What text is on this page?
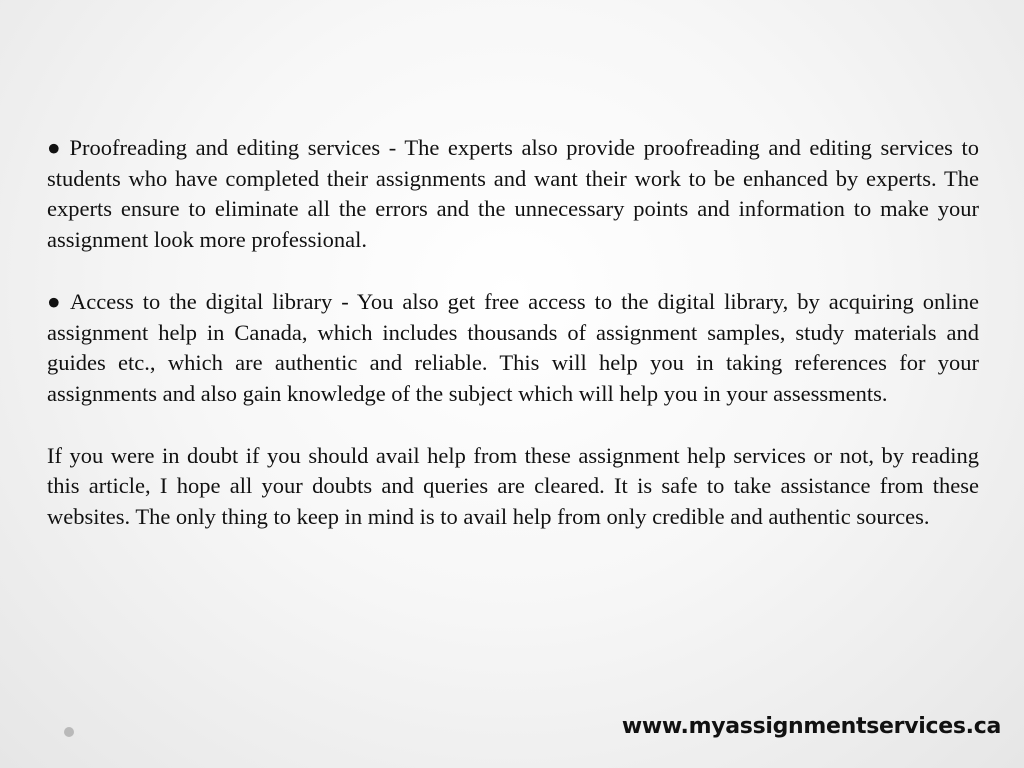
● Proofreading and editing services - The experts also provide proofreading and editing services to students who have completed their assignments and want their work to be enhanced by experts. The experts ensure to eliminate all the errors and the unnecessary points and information to make your assignment look more professional.

● Access to the digital library - You also get free access to the digital library, by acquiring online assignment help in Canada, which includes thousands of assignment samples, study materials and guides etc., which are authentic and reliable. This will help you in taking references for your assignments and also gain knowledge of the subject which will help you in your assessments.

If you were in doubt if you should avail help from these assignment help services or not, by reading this article, I hope all your doubts and queries are cleared. It is safe to take assistance from these websites. The only thing to keep in mind is to avail help from only credible and authentic sources.

www.myassignmentservices.ca
